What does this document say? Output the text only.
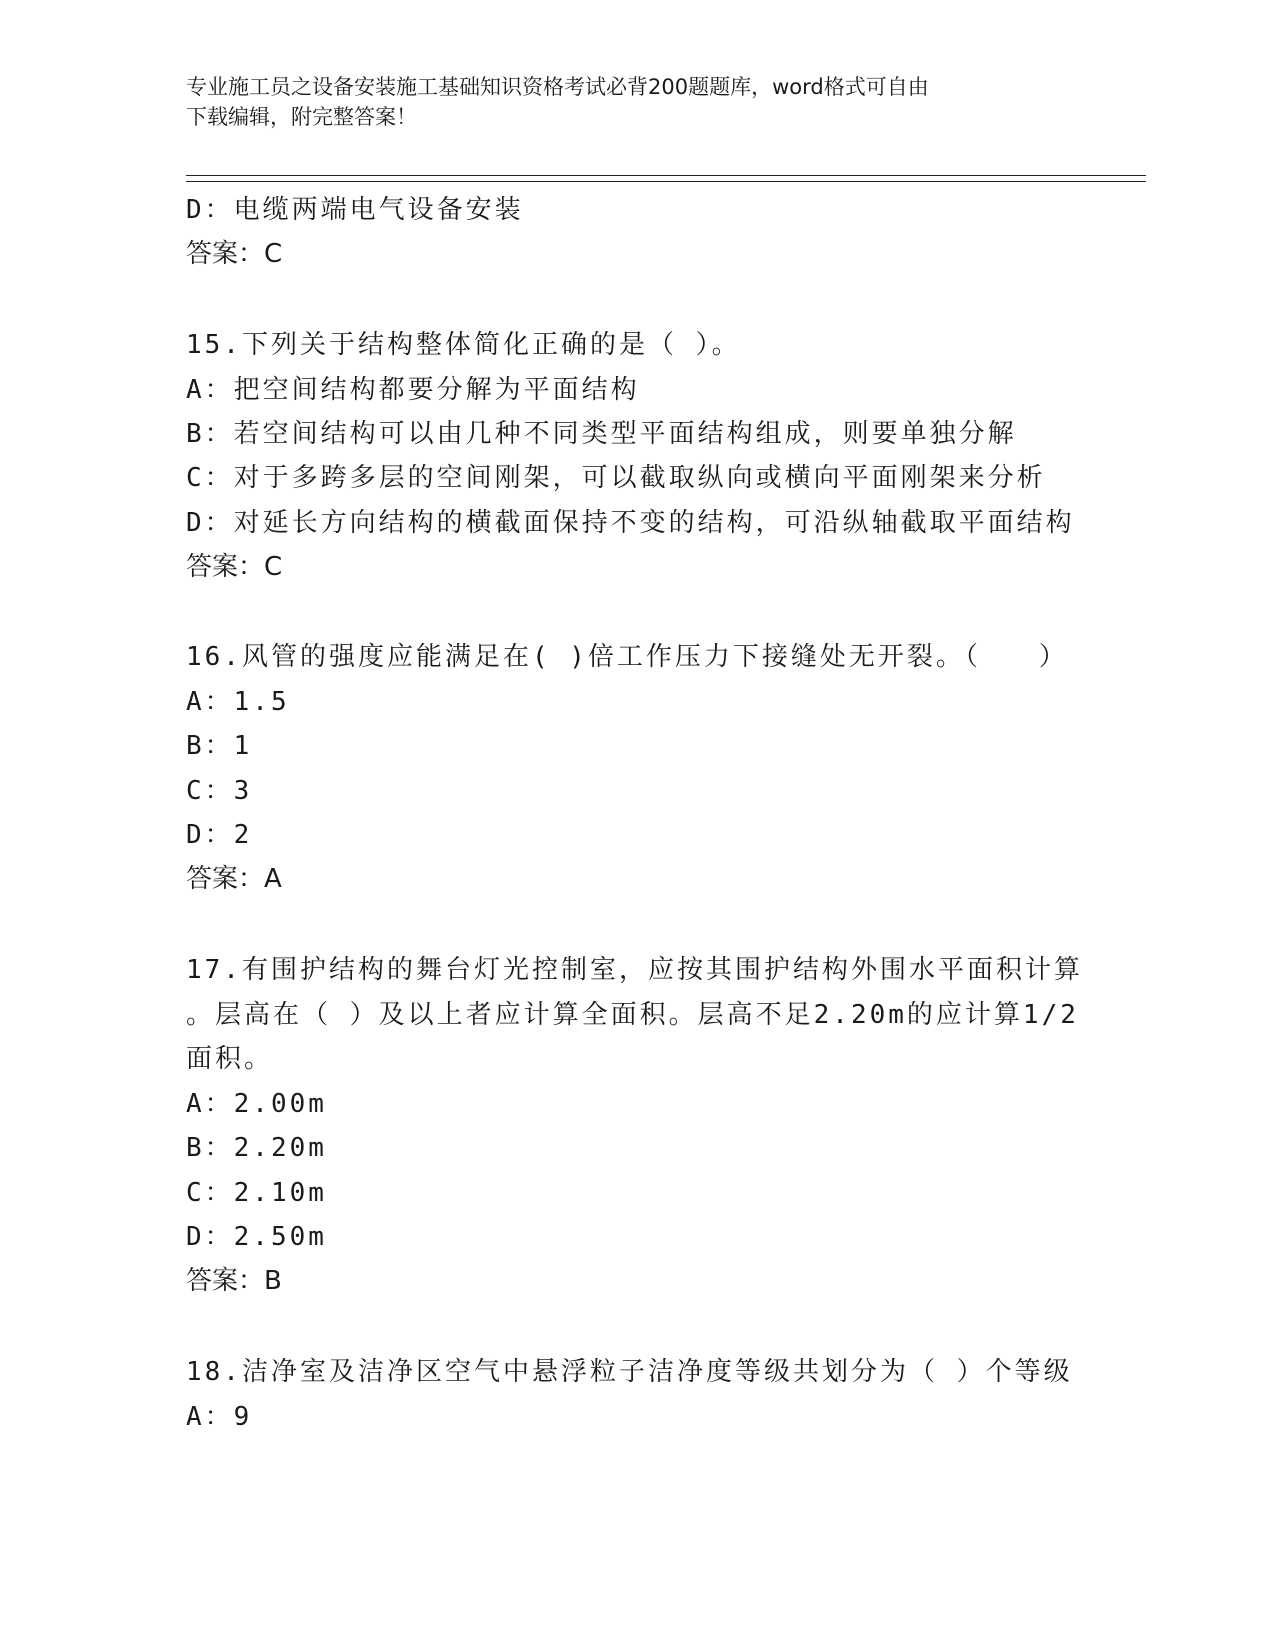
专业施工员之设备安装施工基础知识资格考试必背200题题库，word格式可自由
下载编辑，附完整答案！
D：电缆两端电气设备安装
答案：C
15.下列关于结构整体简化正确的是（ ）。
A：把空间结构都要分解为平面结构
B：若空间结构可以由几种不同类型平面结构组成，则要单独分解
C：对于多跨多层的空间刚架，可以截取纵向或横向平面刚架来分析
D：对延长方向结构的横截面保持不变的结构，可沿纵轴截取平面结构
答案：C
16.风管的强度应能满足在( )倍工作压力下接缝处无开裂。（　　）
A：1.5
B：1
C：3
D：2
答案：A
17.有围护结构的舞台灯光控制室，应按其围护结构外围水平面积计算
。层高在（ ）及以上者应计算全面积。层高不足2.20m的应计算1/2
面积。
A：2.00m
B：2.20m
C：2.10m
D：2.50m
答案：B
18.洁净室及洁净区空气中悬浮粒子洁净度等级共划分为（ ）个等级
A：9
